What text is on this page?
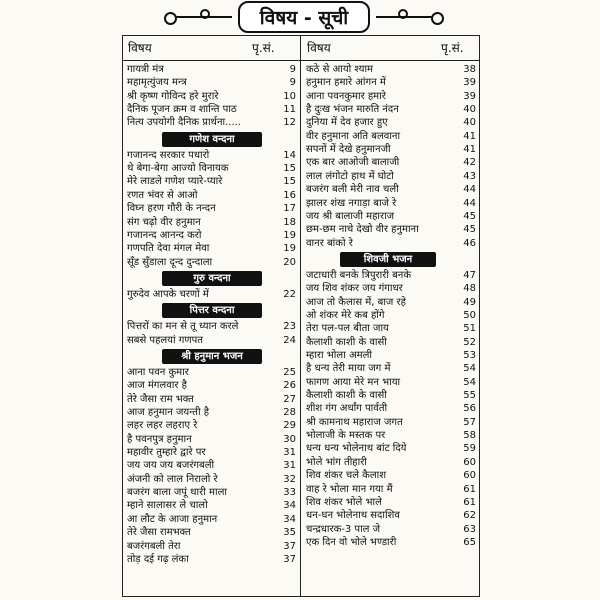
विषय - सूची
विषय	पृ.सं.	विषय	पृ.सं.
गायत्री मंत्र	9
महामृत्युंजय मन्त्र	9
श्री कृष्ण गोविन्द हरे मुरारे	10
दैनिक पूजन क्रम व शान्ति पाठ	11
नित्य उपयोगी दैनिक प्रार्थना.....	12
गणेश वन्दना
गजानन्द सरकार पधारो	14
थे बेगा-बेगा आज्यो विनायक	15
मेरे लाडले गणेश प्यारे-प्यारे	15
रणत भंवर से आओ	16
विघ्न हरण गौरी के नन्दन	17
संग चढ़ो वीर हनुमान	18
गजानन्द आनन्द करो	19
गणपति देवा मंगल मेवा	19
सूँड सुँडाला दून्द दुन्दाला	20
गुरु वन्दना
गुरुदेव आपके चरणों में	22
पित्तर वन्दना
पित्तरों का मन से तू ध्यान करले	23
सबसे पहलयां गणपत	24
श्री हनुमान भजन
आना पवन कुमार	25
आज मंगलवार है	26
तेरे जैसा राम भक्त	27
आज हनुमान जयन्ती है	28
लहर लहर लहराए रे	29
है पवनपुत्र हनुमान	30
महावीर तुम्हारे द्वारे पर	31
जय जय जय बजरंगबली	31
अंजनी को लाल निरालो रे	32
बजरंग बाला जपूं थारी माला	33
म्हाने सालासर ले चालो	34
आ लौट के आजा हनुमान	34
तेरे जैसा रामभक्त	35
बजरंगबली तेरा	37
तोड़ दई गढ़ लंका	37
कठे से आयो श्याम	38
हनुमान हमारे आंगन में	39
आना पवनकुमार हमारे	39
है दुःख भंजन मारुति नंदन	40
दुनिया में देव हजार हुए	40
वीर हनुमाना अति बलवाना	41
सपनों में देखे हनुमानजी	41
एक बार आओजी बालाजी	42
लाल लंगोटो हाथ में घोटो	43
बजरंग बली मेरी नाव चली	44
झालर शंख नगाड़ा बाजे रे	44
जय श्री बालाजी महाराज	45
छम-छम नाचे देखो वीर हनुमाना	45
वानर बांको रे	46
शिवजी भजन
जटाधारी बनके त्रिपुरारी बनके	47
जय शिव शंकर जय गंगाधर	48
आज तो कैलास में, बाज रहे	49
ओ शंकर मेरे कब होंगे	50
तेरा पल-पल बीता जाय	51
कैलाशी काशी के वासी	52
म्हारा भोला अमली	53
है धन्य तेरी माया जग में	54
फागण आया मेरे मन भाया	54
कैलाशी काशी के वासी	55
शीश गंग अर्धांग पार्वती	56
श्री कामनाथ महाराज जगत	57
भोलाजी के मस्तक पर	58
धन्य धन्य भोलेनाथ बांट दिये	59
भोले भांग तीहारी	60
शिव शंकर चले कैलाश	60
वाह रे भोला मान गया मैं	61
शिव शंकर भोले भाले	61
धन-धन भोलेनाथ सदाशिव	62
चन्द्रधारक-3 पाल जे	63
एक दिन वो भोले भण्डारी	65
